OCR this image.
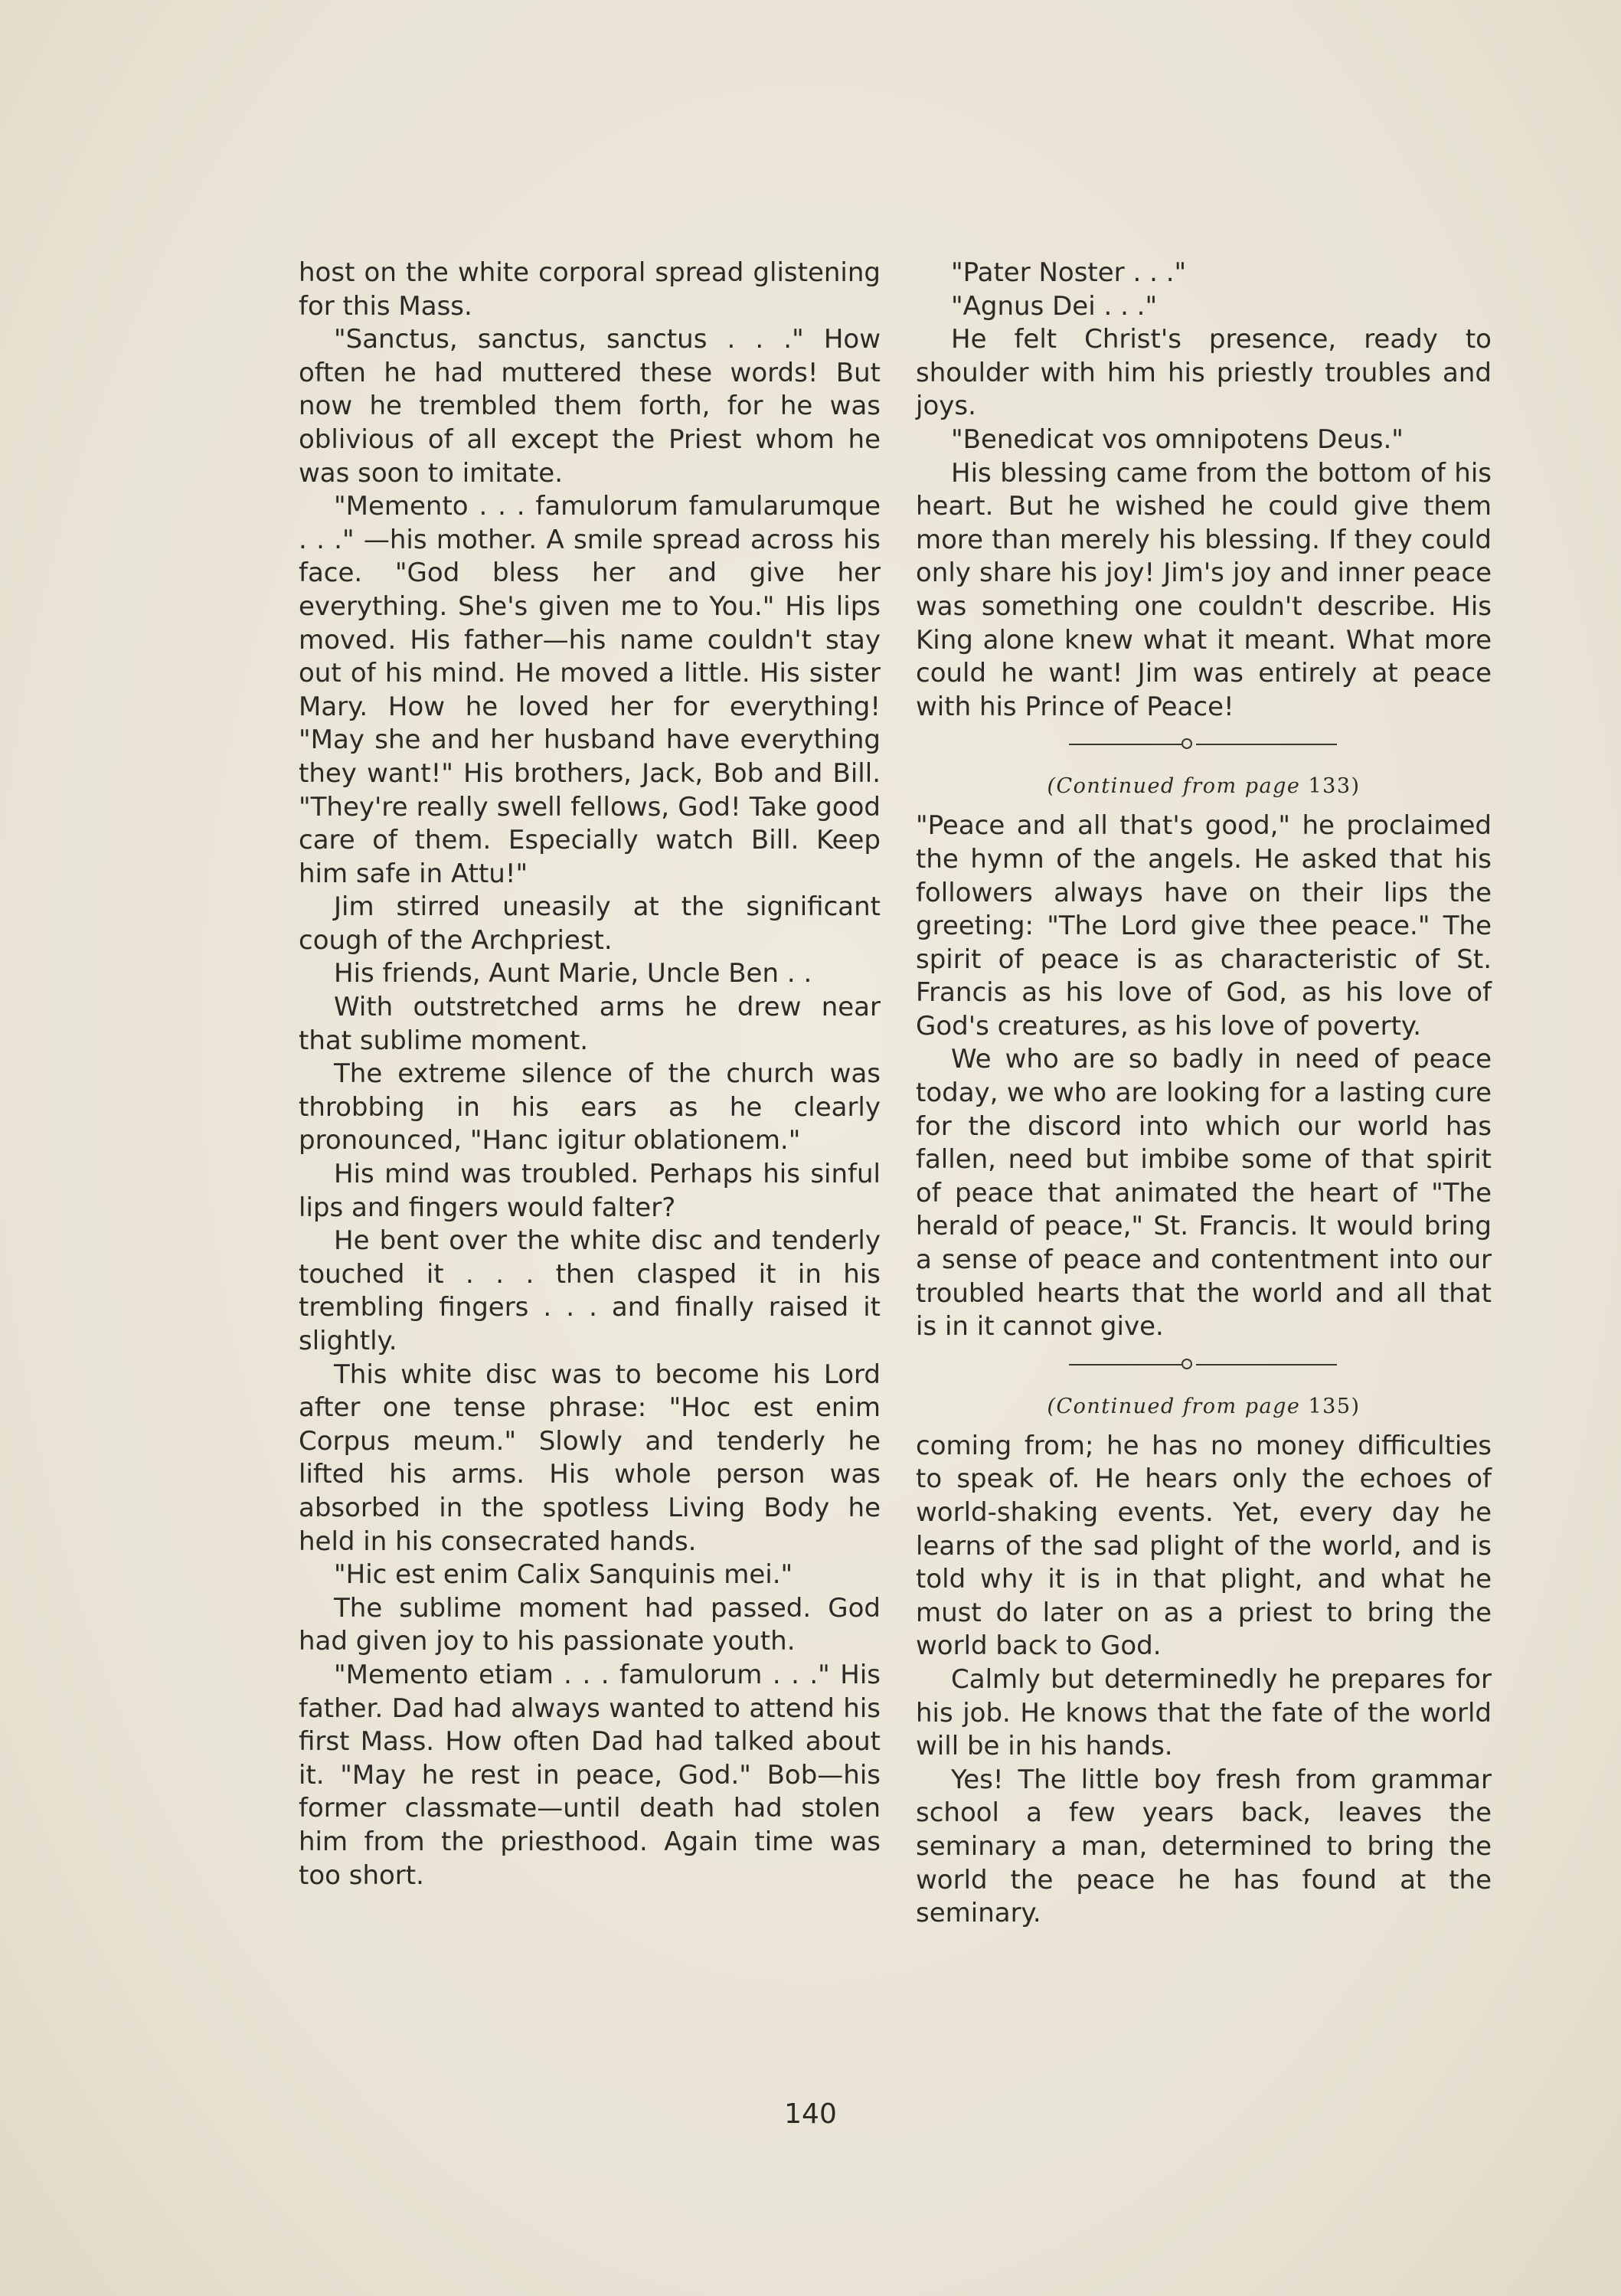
host on the white corporal spread glistening for this Mass.

"Sanctus, sanctus, sanctus . . ." How often he had muttered these words! But now he trembled them forth, for he was oblivious of all except the Priest whom he was soon to imitate.

"Memento . . . famulorum famularumque . . ." —his mother. A smile spread across his face. "God bless her and give her everything. She's given me to You." His lips moved. His father—his name couldn't stay out of his mind. He moved a little. His sister Mary. How he loved her for everything! "May she and her husband have everything they want!" His brothers, Jack, Bob and Bill. "They're really swell fellows, God! Take good care of them. Especially watch Bill. Keep him safe in Attu!"

Jim stirred uneasily at the significant cough of the Archpriest.

His friends, Aunt Marie, Uncle Ben . .

With outstretched arms he drew near that sublime moment.

The extreme silence of the church was throbbing in his ears as he clearly pronounced, "Hanc igitur oblationem."

His mind was troubled. Perhaps his sinful lips and fingers would falter?

He bent over the white disc and tenderly touched it . . . then clasped it in his trembling fingers . . . and finally raised it slightly.

This white disc was to become his Lord after one tense phrase: "Hoc est enim Corpus meum." Slowly and tenderly he lifted his arms. His whole person was absorbed in the spotless Living Body he held in his consecrated hands.

"Hic est enim Calix Sanquinis mei."

The sublime moment had passed. God had given joy to his passionate youth.

"Memento etiam . . . famulorum . . ." His father. Dad had always wanted to attend his first Mass. How often Dad had talked about it. "May he rest in peace, God." Bob—his former classmate—until death had stolen him from the priesthood. Again time was too short.

"Pater Noster . . ."

"Agnus Dei . . ."

He felt Christ's presence, ready to shoulder with him his priestly troubles and joys.

"Benedicat vos omnipotens Deus."

His blessing came from the bottom of his heart. But he wished he could give them more than merely his blessing. If they could only share his joy! Jim's joy and inner peace was something one couldn't describe. His King alone knew what it meant. What more could he want! Jim was entirely at peace with his Prince of Peace!

(Continued from page 133)

"Peace and all that's good," he proclaimed the hymn of the angels. He asked that his followers always have on their lips the greeting: "The Lord give thee peace." The spirit of peace is as characteristic of St. Francis as his love of God, as his love of God's creatures, as his love of poverty.

We who are so badly in need of peace today, we who are looking for a lasting cure for the discord into which our world has fallen, need but imbibe some of that spirit of peace that animated the heart of "The herald of peace," St. Francis. It would bring a sense of peace and contentment into our troubled hearts that the world and all that is in it cannot give.

(Continued from page 135)

coming from; he has no money difficulties to speak of. He hears only the echoes of world-shaking events. Yet, every day he learns of the sad plight of the world, and is told why it is in that plight, and what he must do later on as a priest to bring the world back to God.

Calmly but determinedly he prepares for his job. He knows that the fate of the world will be in his hands.

Yes! The little boy fresh from grammar school a few years back, leaves the seminary a man, determined to bring the world the peace he has found at the seminary.

140
